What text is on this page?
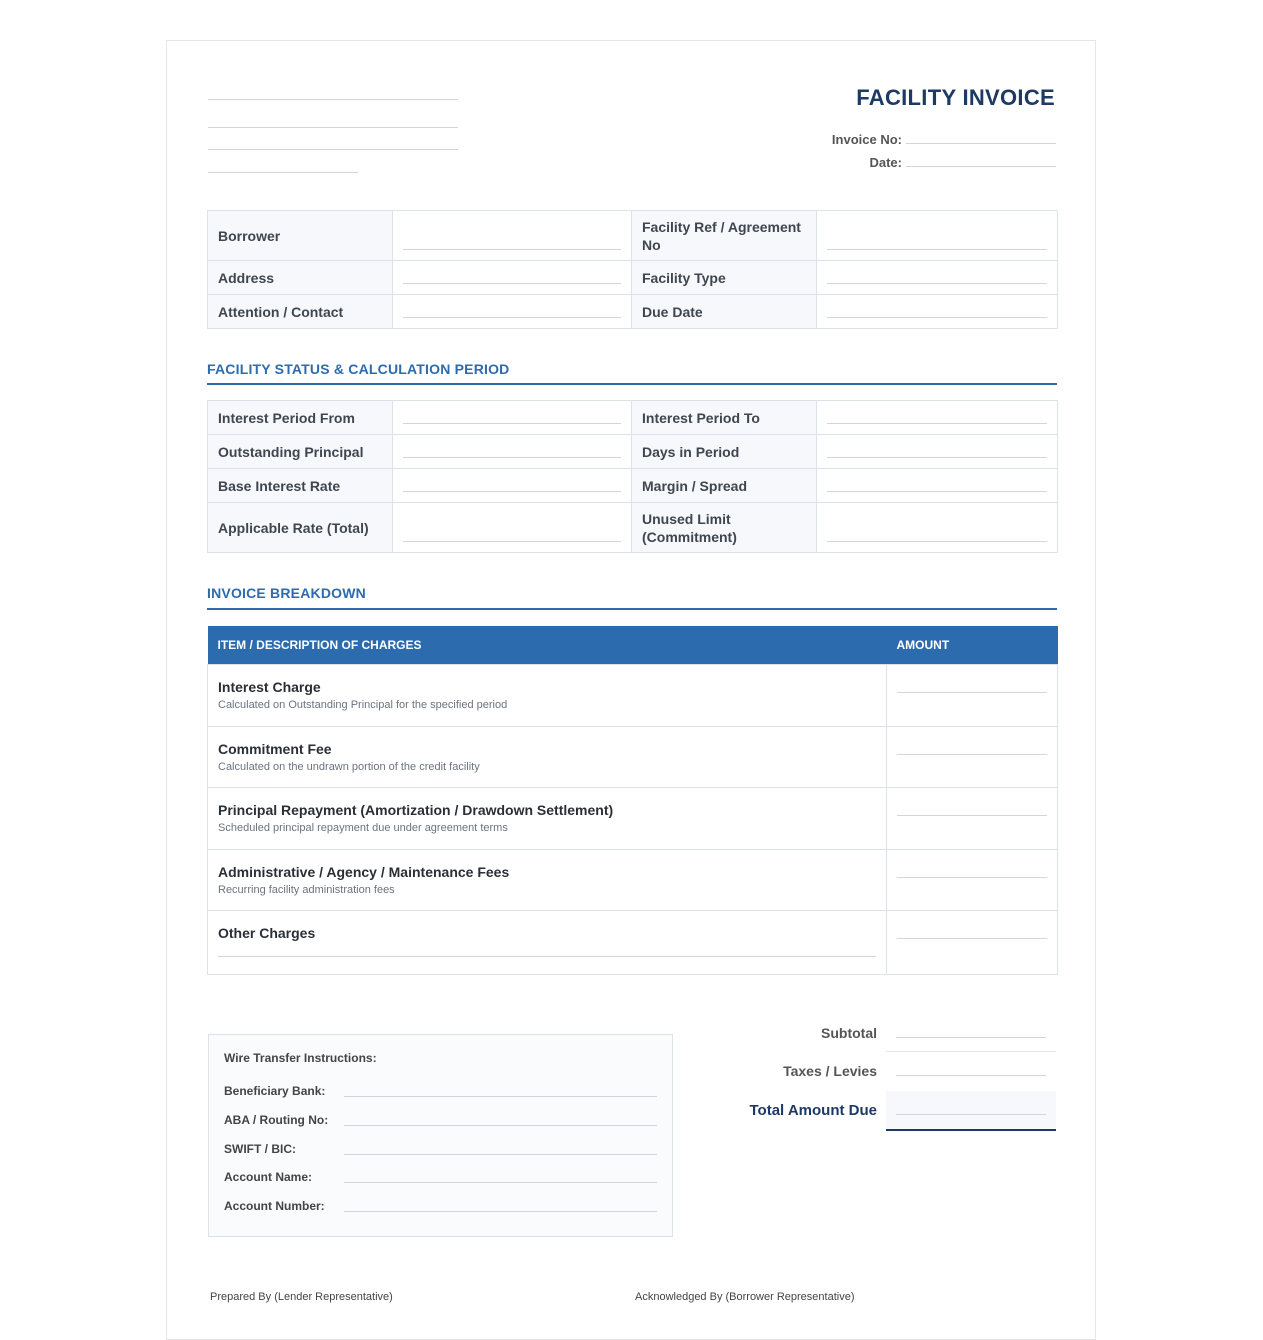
FACILITY INVOICE
Invoice No:
Date:
Borrower		Facility Ref / Agreement No	

Address		Facility Type	

Attention / Contact		Due Date	
FACILITY STATUS & CALCULATION PERIOD
Interest Period From		Interest Period To	

Outstanding Principal		Days in Period	

Base Interest Rate		Margin / Spread	

Applicable Rate (Total)		Unused Limit (Commitment)	
INVOICE BREAKDOWN
ITEM / DESCRIPTION OF CHARGES	AMOUNT

Interest Charge
Calculated on Outstanding Principal for the specified period	

Commitment Fee
Calculated on the undrawn portion of the credit facility	

Principal Repayment (Amortization / Drawdown Settlement)
Scheduled principal repayment due under agreement terms	

Administrative / Agency / Maintenance Fees
Recurring facility administration fees	

Other Charges	

Wire Transfer Instructions:
Beneficiary Bank:
ABA / Routing No:
SWIFT / BIC:
Account Name:
Account Number:
Subtotal
Taxes / Levies
Total Amount Due
Prepared By (Lender Representative)	Acknowledged By (Borrower Representative)
